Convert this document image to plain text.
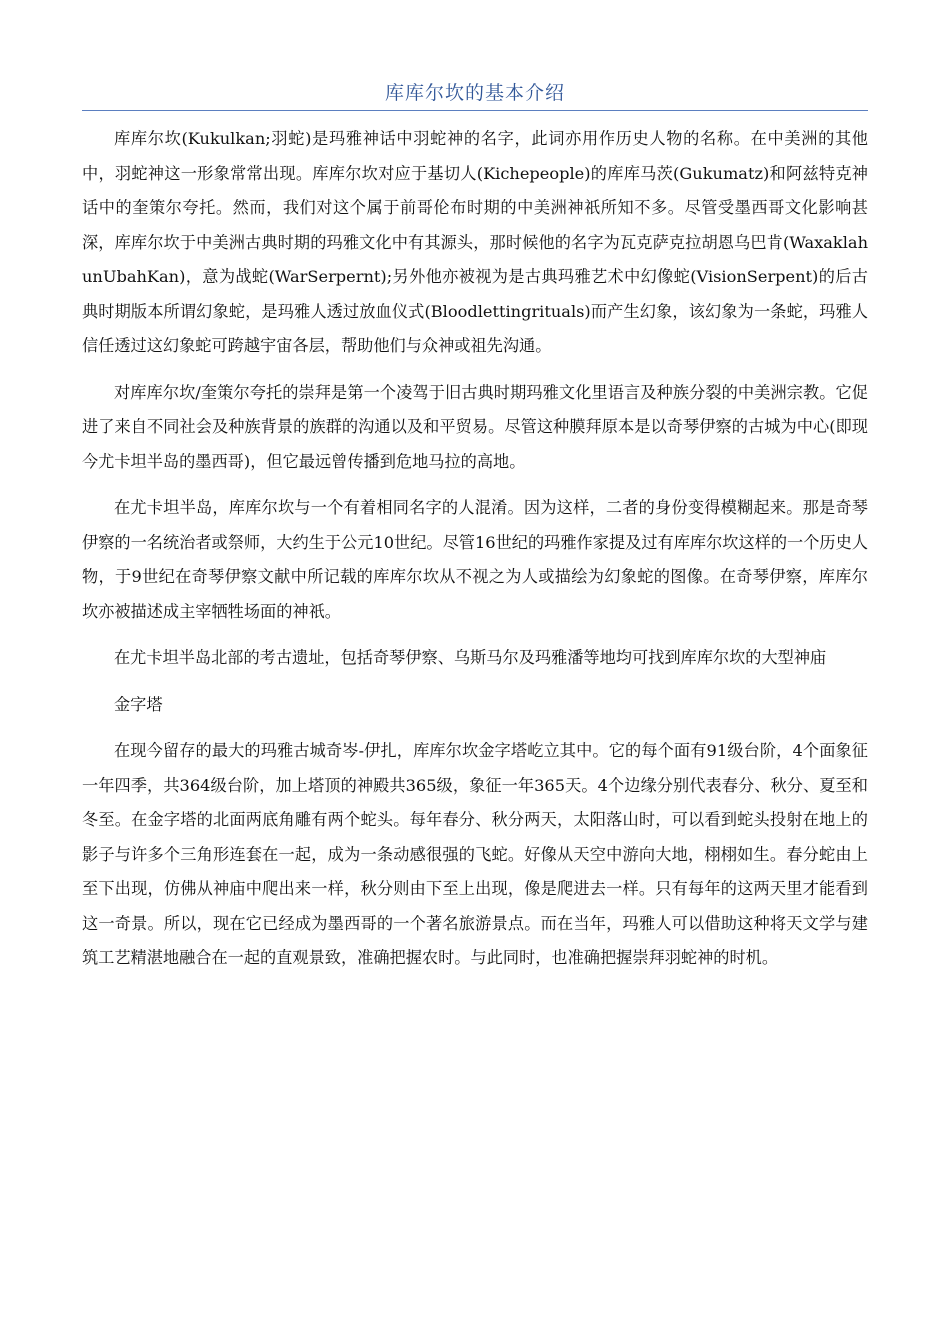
库库尔坎的基本介绍

库库尔坎(Kukulkan;羽蛇)是玛雅神话中羽蛇神的名字，此词亦用作历史人物的名称。在中美洲的其他中，羽蛇神这一形象常常出现。库库尔坎对应于基切人(Kichepeople)的库库马茨(Gukumatz)和阿兹特克神话中的奎策尔夸托。然而，我们对这个属于前哥伦布时期的中美洲神祇所知不多。尽管受墨西哥文化影响甚深，库库尔坎于中美洲古典时期的玛雅文化中有其源头，那时候他的名字为瓦克萨克拉胡恩乌巴肯(WaxaklahunUbahKan)，意为战蛇(WarSerpernt);另外他亦被视为是古典玛雅艺术中幻像蛇(VisionSerpent)的后古典时期版本所谓幻象蛇，是玛雅人透过放血仪式(Bloodlettingrituals)而产生幻象，该幻象为一条蛇，玛雅人信任透过这幻象蛇可跨越宇宙各层，帮助他们与众神或祖先沟通。

对库库尔坎/奎策尔夸托的崇拜是第一个凌驾于旧古典时期玛雅文化里语言及种族分裂的中美洲宗教。它促进了来自不同社会及种族背景的族群的沟通以及和平贸易。尽管这种膜拜原本是以奇琴伊察的古城为中心(即现今尤卡坦半岛的墨西哥)，但它最远曾传播到危地马拉的高地。

在尤卡坦半岛，库库尔坎与一个有着相同名字的人混淆。因为这样，二者的身份变得模糊起来。那是奇琴伊察的一名统治者或祭师，大约生于公元10世纪。尽管16世纪的玛雅作家提及过有库库尔坎这样的一个历史人物，于9世纪在奇琴伊察文献中所记载的库库尔坎从不视之为人或描绘为幻象蛇的图像。在奇琴伊察，库库尔坎亦被描述成主宰牺牲场面的神祇。

在尤卡坦半岛北部的考古遗址，包括奇琴伊察、乌斯马尔及玛雅潘等地均可找到库库尔坎的大型神庙

金字塔

在现今留存的最大的玛雅古城奇岑-伊扎，库库尔坎金字塔屹立其中。它的每个面有91级台阶，4个面象征一年四季，共364级台阶，加上塔顶的神殿共365级，象征一年365天。4个边缘分别代表春分、秋分、夏至和冬至。在金字塔的北面两底角雕有两个蛇头。每年春分、秋分两天，太阳落山时，可以看到蛇头投射在地上的影子与许多个三角形连套在一起，成为一条动感很强的飞蛇。好像从天空中游向大地，栩栩如生。春分蛇由上至下出现，仿佛从神庙中爬出来一样，秋分则由下至上出现，像是爬进去一样。只有每年的这两天里才能看到这一奇景。所以，现在它已经成为墨西哥的一个著名旅游景点。而在当年，玛雅人可以借助这种将天文学与建筑工艺精湛地融合在一起的直观景致，准确把握农时。与此同时，也准确把握崇拜羽蛇神的时机。
